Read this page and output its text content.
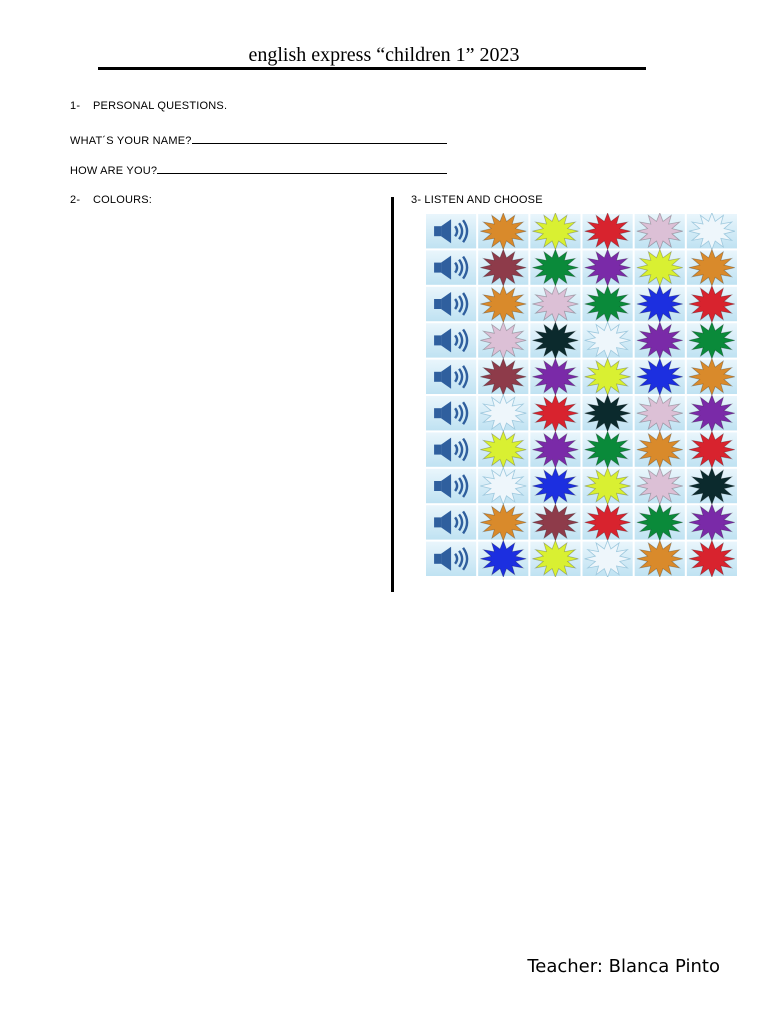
english express “children 1” 2023
1- PERSONAL QUESTIONS.
WHAT´S YOUR NAME?
HOW ARE YOU?
2- COLOURS:	3- LISTEN AND CHOOSE
Teacher: Blanca Pinto
